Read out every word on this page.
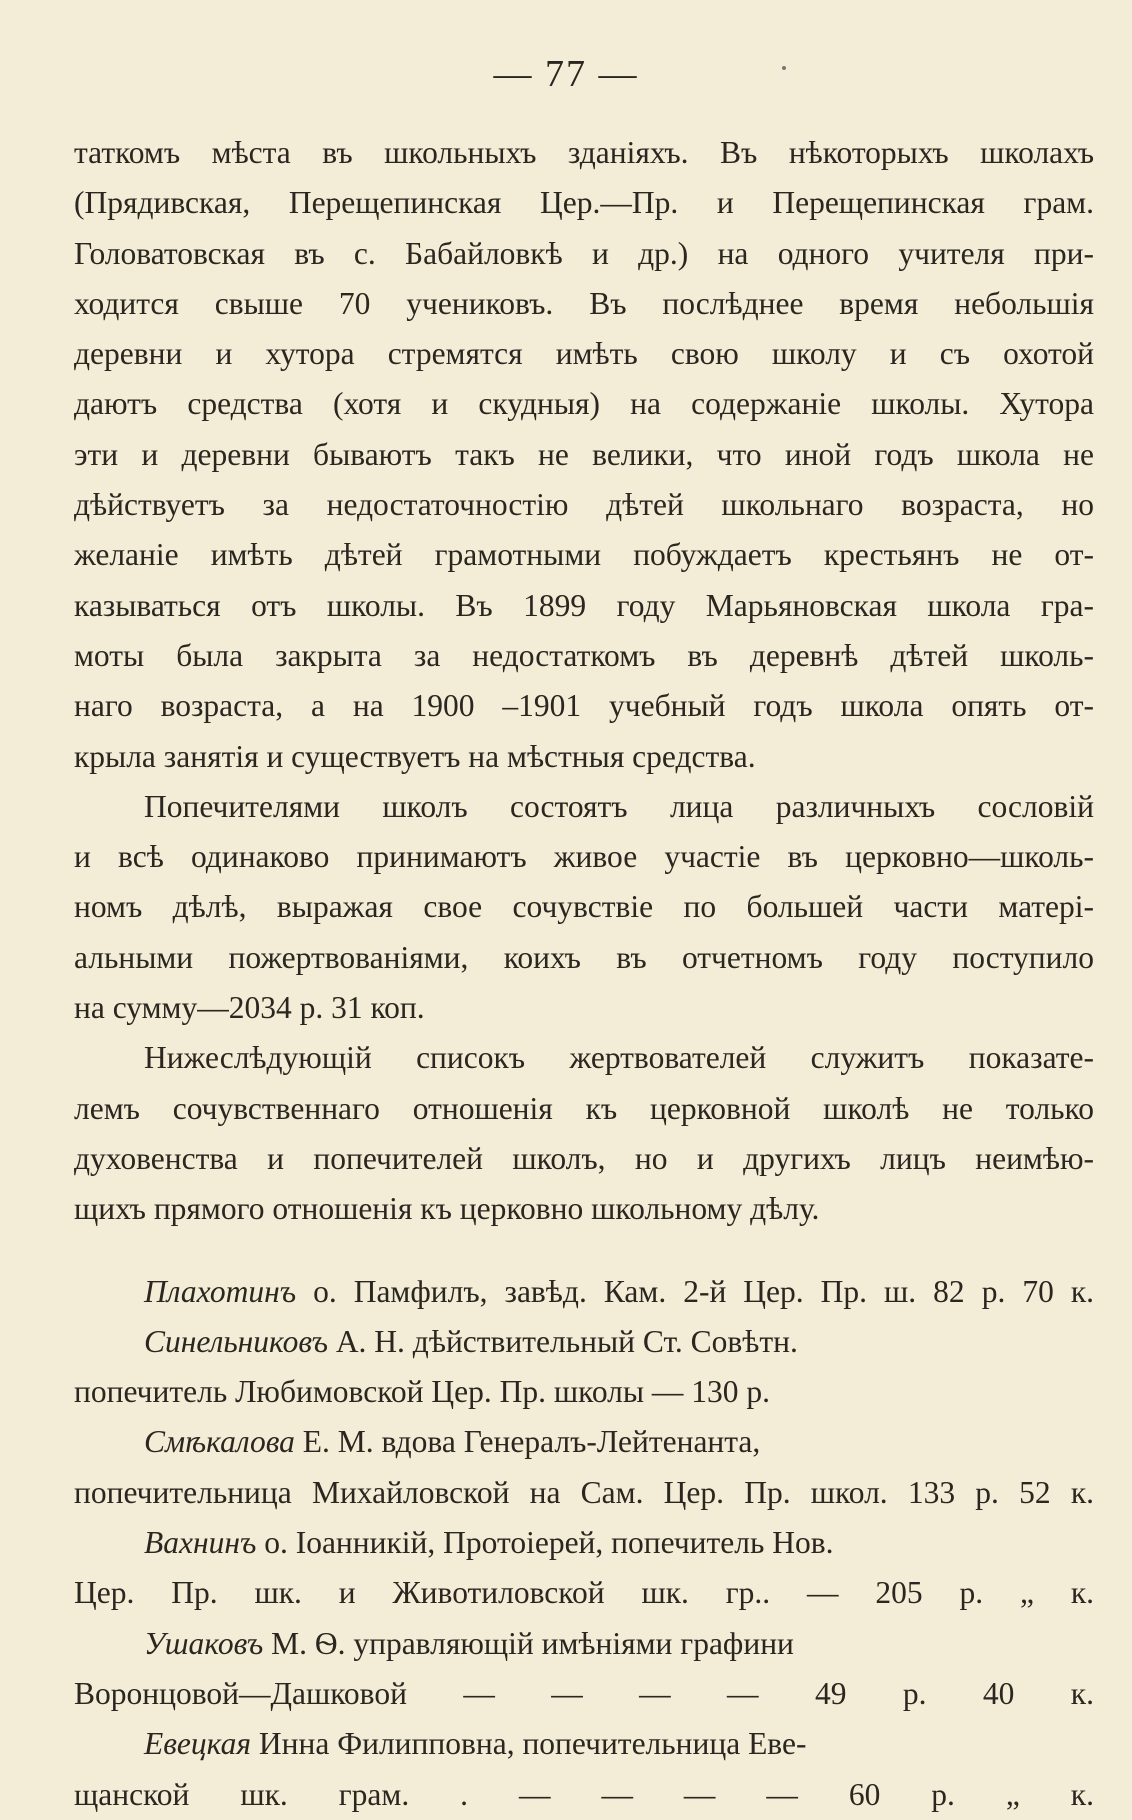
— 77 —
таткомъ мѣста въ школьныхъ зданіяхъ. Въ нѣкоторыхъ школахъ
(Прядивская, Перещепинская Цер.—Пр. и Перещепинская грам.
Головатовская въ с. Бабайловкѣ и др.) на одного учителя при-
ходится свыше 70 учениковъ. Въ послѣднее время небольшія
деревни и хутора стремятся имѣть свою школу и съ охотой
даютъ средства (хотя и скудныя) на содержаніе школы. Хутора
эти и деревни бываютъ такъ не велики, что иной годъ школа не
дѣйствуетъ за недостаточностію дѣтей школьнаго возраста, но
желаніе имѣть дѣтей грамотными побуждаетъ крестьянъ не от-
казываться отъ школы. Въ 1899 году Марьяновская школа гра-
моты была закрыта за недостаткомъ въ деревнѣ дѣтей школь-
наго возраста, а на 1900 –1901 учебный годъ школа опять от-
крыла занятія и существуетъ на мѣстныя средства.
Попечителями школъ состоятъ лица различныхъ сословій
и всѣ одинаково принимаютъ живое участіе въ церковно—школь-
номъ дѣлѣ, выражая свое сочувствіе по большей части матері-
альными пожертвованіями, коихъ въ отчетномъ году поступило
на сумму—2034 р. 31 коп.
Нижеслѣдующій списокъ жертвователей служитъ показате-
лемъ сочувственнаго отношенія къ церковной школѣ не только
духовенства и попечителей школъ, но и другихъ лицъ неимѣю-
щихъ прямого отношенія къ церковно школьному дѣлу.
Плахотинъ о. Памфилъ, завѣд. Кам. 2-й Цер. Пр. ш. 82 р. 70 к.
Синельниковъ А. Н. дѣйствительный Ст. Совѣтн.
попечитель Любимовской Цер. Пр. школы — 130 р.
Смѣкалова Е. М. вдова Генералъ-Лейтенанта,
попечительница Михайловской на Сам. Цер. Пр. школ. 133 р. 52 к.
Вахнинъ о. Іоанникій, Протоіерей, попечитель Нов.
Цер. Пр. шк. и Животиловской шк. гр.. — 205 р. „ к.
Ушаковъ М. Ѳ. управляющій имѣніями графини
Воронцовой—Дашковой — — — — 49 р. 40 к.
Евецкая Инна Филипповна, попечительница Еве-
щанской шк. грам. . — — — — 60 р. „ к.
